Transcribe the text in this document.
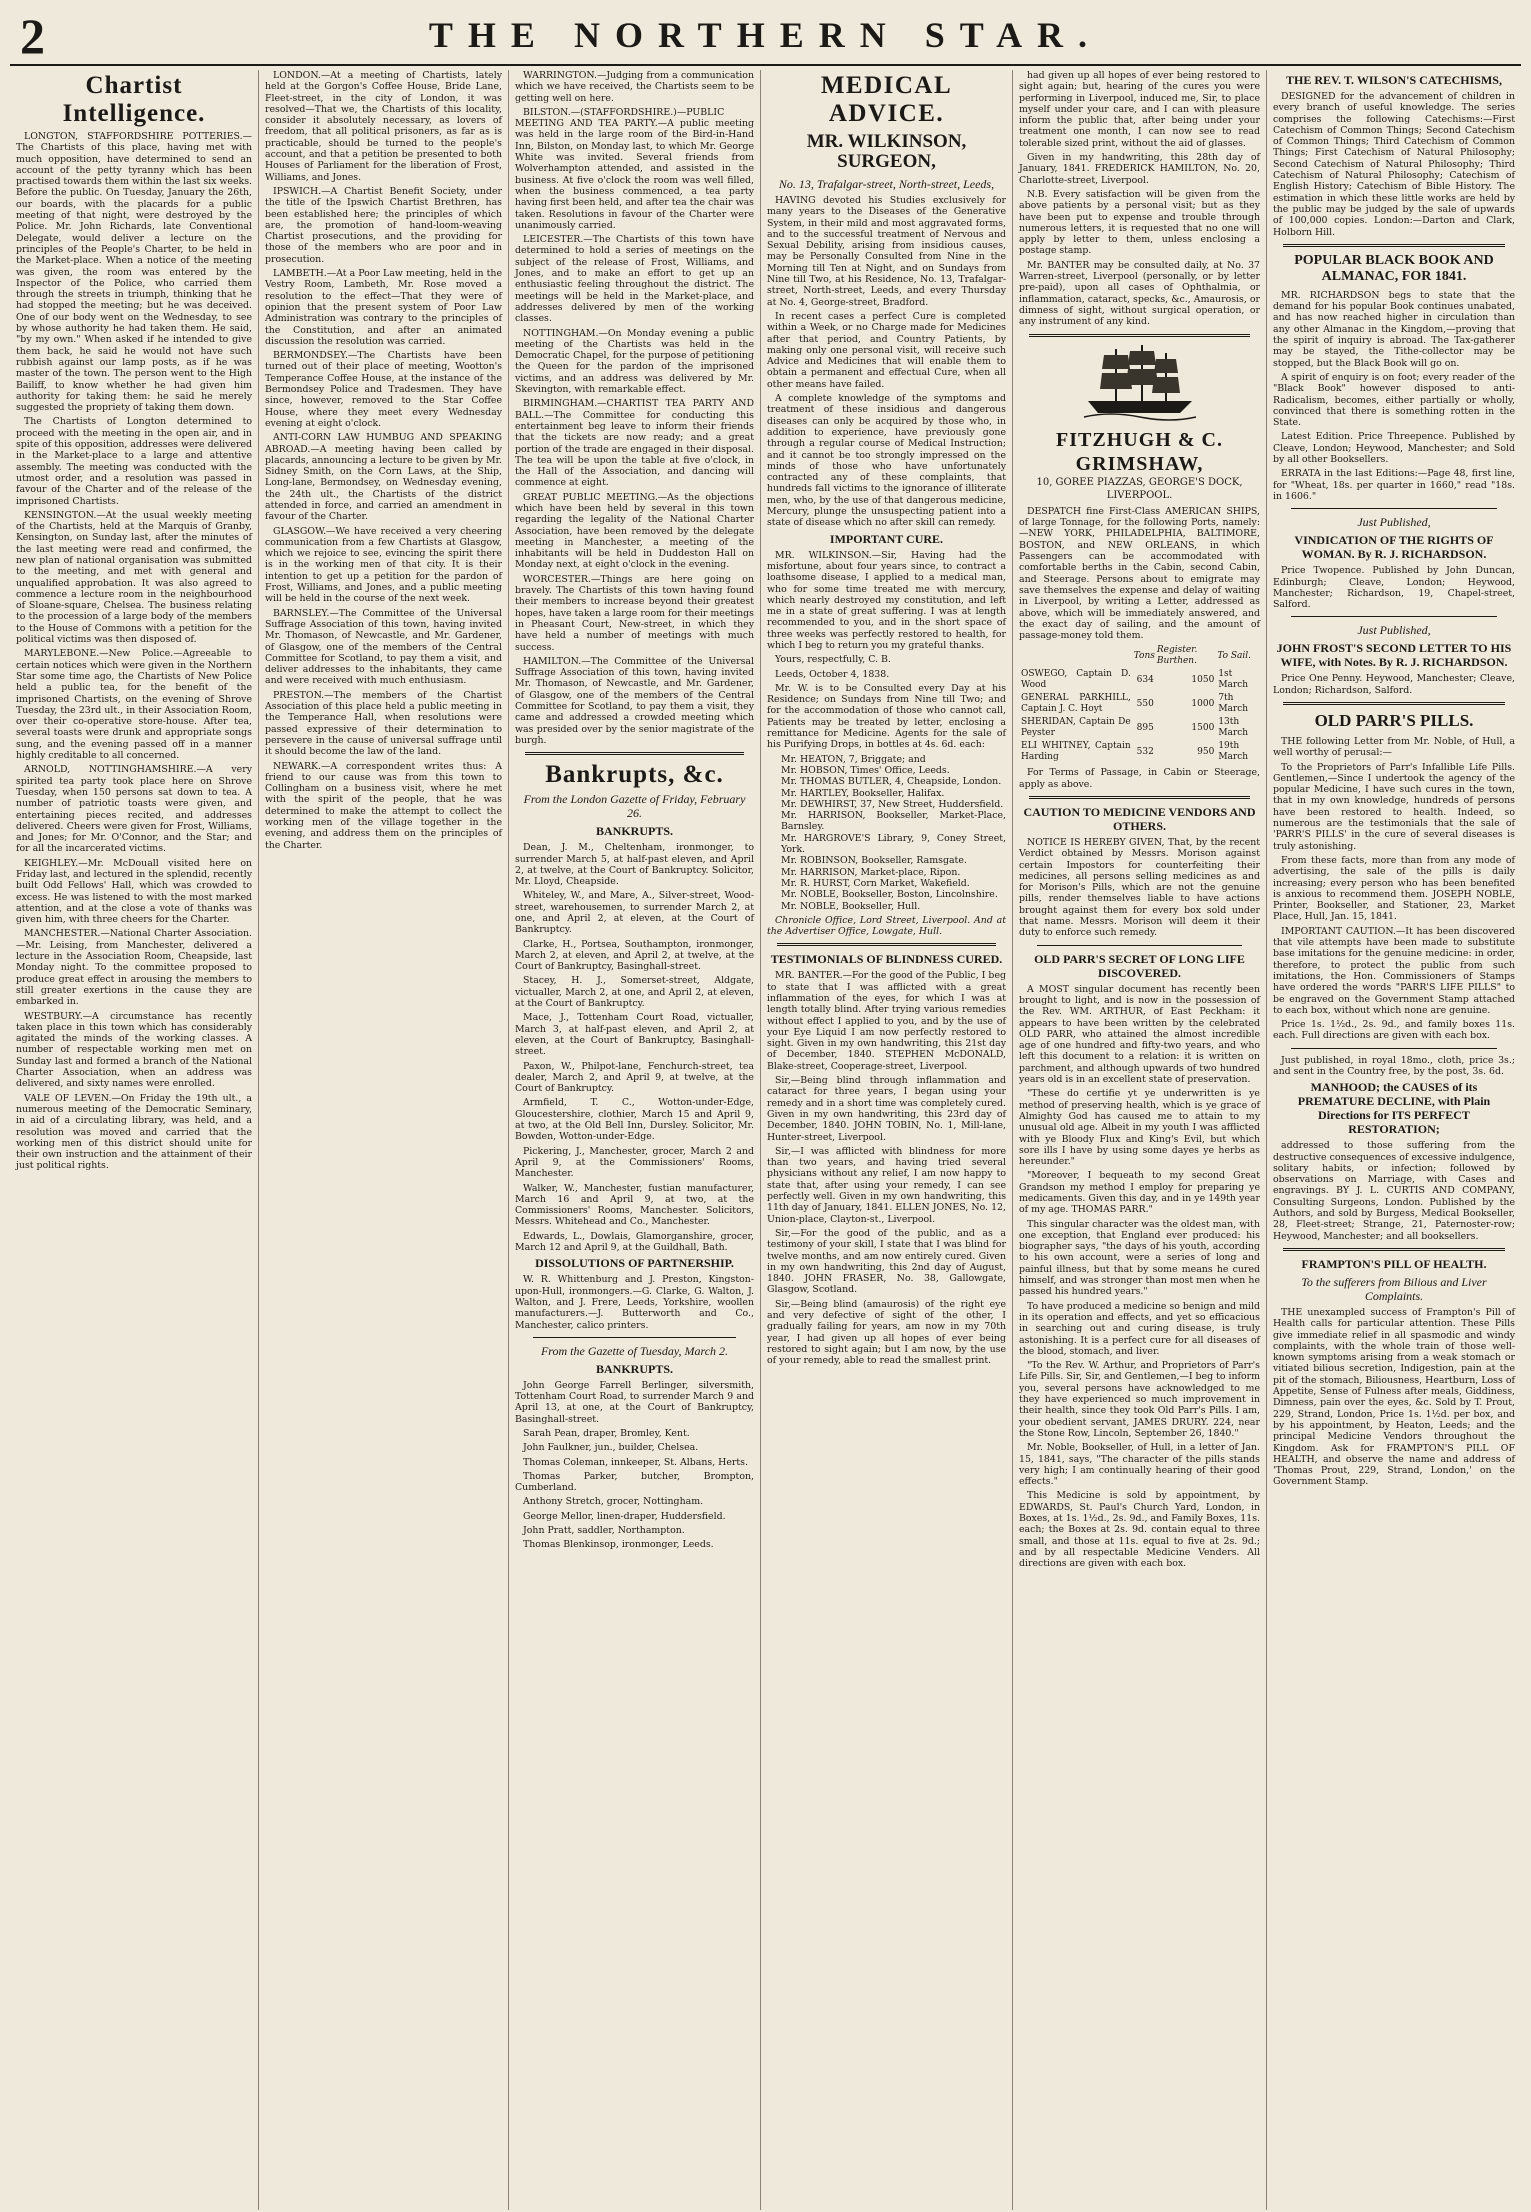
2	THE NORTHERN STAR.
Chartist Intelligence.

LONGTON, STAFFORDSHIRE POTTERIES.—The Chartists of this place, having met with much opposition, have determined to send an account of the petty tyranny which has been practised towards them within the last six weeks. Before the public. On Tuesday, January the 26th, our boards, with the placards for a public meeting of that night, were destroyed by the Police. Mr. John Richards, late Conventional Delegate, would deliver a lecture on the principles of the People's Charter, to be held in the Market-place. When a notice of the meeting was given, the room was entered by the Inspector of the Police, who carried them through the streets in triumph, thinking that he had stopped the meeting; but he was deceived. One of our body went on the Wednesday, to see by whose authority he had taken them. He said, "by my own." When asked if he intended to give them back, he said he would not have such rubbish against our lamp posts, as if he was master of the town. The person went to the High Bailiff, to know whether he had given him authority for taking them: he said he merely suggested the propriety of taking them down.

The Chartists of Longton determined to proceed with the meeting in the open air, and in spite of this opposition, addresses were delivered in the Market-place to a large and attentive assembly. The meeting was conducted with the utmost order, and a resolution was passed in favour of the Charter and of the release of the imprisoned Chartists.

KENSINGTON.—At the usual weekly meeting of the Chartists, held at the Marquis of Granby, Kensington, on Sunday last, after the minutes of the last meeting were read and confirmed, the new plan of national organisation was submitted to the meeting, and met with general and unqualified approbation. It was also agreed to commence a lecture room in the neighbourhood of Sloane-square, Chelsea. The business relating to the procession of a large body of the members to the House of Commons with a petition for the political victims was then disposed of.

MARYLEBONE.—New Police.—Agreeable to certain notices which were given in the Northern Star some time ago, the Chartists of New Police held a public tea, for the benefit of the imprisoned Chartists, on the evening of Shrove Tuesday, the 23rd ult., in their Association Room, over their co-operative store-house. After tea, several toasts were drunk and appropriate songs sung, and the evening passed off in a manner highly creditable to all concerned.

ARNOLD, NOTTINGHAMSHIRE.—A very spirited tea party took place here on Shrove Tuesday, when 150 persons sat down to tea. A number of patriotic toasts were given, and entertaining pieces recited, and addresses delivered. Cheers were given for Frost, Williams, and Jones; for Mr. O'Connor, and the Star; and for all the incarcerated victims.

KEIGHLEY.—Mr. McDouall visited here on Friday last, and lectured in the splendid, recently built Odd Fellows' Hall, which was crowded to excess. He was listened to with the most marked attention, and at the close a vote of thanks was given him, with three cheers for the Charter.

MANCHESTER.—National Charter Association.—Mr. Leising, from Manchester, delivered a lecture in the Association Room, Cheapside, last Monday night. To the committee proposed to produce great effect in arousing the members to still greater exertions in the cause they are embarked in.

WESTBURY.—A circumstance has recently taken place in this town which has considerably agitated the minds of the working classes. A number of respectable working men met on Sunday last and formed a branch of the National Charter Association, when an address was delivered, and sixty names were enrolled.

VALE OF LEVEN.—On Friday the 19th ult., a numerous meeting of the Democratic Seminary, in aid of a circulating library, was held, and a resolution was moved and carried that the working men of this district should unite for their own instruction and the attainment of their just political rights.

LONDON.—At a meeting of Chartists, lately held at the Gorgon's Coffee House, Bride Lane, Fleet-street, in the city of London, it was resolved—That we, the Chartists of this locality, consider it absolutely necessary, as lovers of freedom, that all political prisoners, as far as is practicable, should be turned to the people's account, and that a petition be presented to both Houses of Parliament for the liberation of Frost, Williams, and Jones.

IPSWICH.—A Chartist Benefit Society, under the title of the Ipswich Chartist Brethren, has been established here; the principles of which are, the promotion of hand-loom-weaving Chartist prosecutions, and the providing for those of the members who are poor and in prosecution.

LAMBETH.—At a Poor Law meeting, held in the Vestry Room, Lambeth, Mr. Rose moved a resolution to the effect—That they were of opinion that the present system of Poor Law Administration was contrary to the principles of the Constitution, and after an animated discussion the resolution was carried.

BERMONDSEY.—The Chartists have been turned out of their place of meeting, Wootton's Temperance Coffee House, at the instance of the Bermondsey Police and Tradesmen. They have since, however, removed to the Star Coffee House, where they meet every Wednesday evening at eight o'clock.

ANTI-CORN LAW HUMBUG AND SPEAKING ABROAD.—A meeting having been called by placards, announcing a lecture to be given by Mr. Sidney Smith, on the Corn Laws, at the Ship, Long-lane, Bermondsey, on Wednesday evening, the 24th ult., the Chartists of the district attended in force, and carried an amendment in favour of the Charter.

GLASGOW.—We have received a very cheering communication from a few Chartists at Glasgow, which we rejoice to see, evincing the spirit there is in the working men of that city. It is their intention to get up a petition for the pardon of Frost, Williams, and Jones, and a public meeting will be held in the course of the next week.

BARNSLEY.—The Committee of the Universal Suffrage Association of this town, having invited Mr. Thomason, of Newcastle, and Mr. Gardener, of Glasgow, one of the members of the Central Committee for Scotland, to pay them a visit, and deliver addresses to the inhabitants, they came and were received with much enthusiasm.

PRESTON.—The members of the Chartist Association of this place held a public meeting in the Temperance Hall, when resolutions were passed expressive of their determination to persevere in the cause of universal suffrage until it should become the law of the land.

NEWARK.—A correspondent writes thus: A friend to our cause was from this town to Collingham on a business visit, where he met with the spirit of the people, that he was determined to make the attempt to collect the working men of the village together in the evening, and address them on the principles of the Charter.

WARRINGTON.—Judging from a communication which we have received, the Chartists seem to be getting well on here.

BILSTON.—(STAFFORDSHIRE.)—PUBLIC MEETING AND TEA PARTY.—A public meeting was held in the large room of the Bird-in-Hand Inn, Bilston, on Monday last, to which Mr. George White was invited. Several friends from Wolverhampton attended, and assisted in the business. At five o'clock the room was well filled, when the business commenced, a tea party having first been held, and after tea the chair was taken. Resolutions in favour of the Charter were unanimously carried.

LEICESTER.—The Chartists of this town have determined to hold a series of meetings on the subject of the release of Frost, Williams, and Jones, and to make an effort to get up an enthusiastic feeling throughout the district. The meetings will be held in the Market-place, and addresses delivered by men of the working classes.

NOTTINGHAM.—On Monday evening a public meeting of the Chartists was held in the Democratic Chapel, for the purpose of petitioning the Queen for the pardon of the imprisoned victims, and an address was delivered by Mr. Skevington, with remarkable effect.

BIRMINGHAM.—CHARTIST TEA PARTY AND BALL.—The Committee for conducting this entertainment beg leave to inform their friends that the tickets are now ready; and a great portion of the trade are engaged in their disposal. The tea will be upon the table at five o'clock, in the Hall of the Association, and dancing will commence at eight.

GREAT PUBLIC MEETING.—As the objections which have been held by several in this town regarding the legality of the National Charter Association, have been removed by the delegate meeting in Manchester, a meeting of the inhabitants will be held in Duddeston Hall on Monday next, at eight o'clock in the evening.

WORCESTER.—Things are here going on bravely. The Chartists of this town having found their members to increase beyond their greatest hopes, have taken a large room for their meetings in Pheasant Court, New-street, in which they have held a number of meetings with much success.

HAMILTON.—The Committee of the Universal Suffrage Association of this town, having invited Mr. Thomason, of Newcastle, and Mr. Gardener, of Glasgow, one of the members of the Central Committee for Scotland, to pay them a visit, they came and addressed a crowded meeting which was presided over by the senior magistrate of the burgh.

Bankrupts, &c.
From the London Gazette of Friday, February 26.
BANKRUPTS.

Dean, J. M., Cheltenham, ironmonger, to surrender March 5, at half-past eleven, and April 2, at twelve, at the Court of Bankruptcy. Solicitor, Mr. Lloyd, Cheapside.

Whiteley, W., and Mare, A., Silver-street, Wood-street, warehousemen, to surrender March 2, at one, and April 2, at eleven, at the Court of Bankruptcy.

Clarke, H., Portsea, Southampton, ironmonger, March 2, at eleven, and April 2, at twelve, at the Court of Bankruptcy, Basinghall-street.

Stacey, H. J., Somerset-street, Aldgate, victualler, March 2, at one, and April 2, at eleven, at the Court of Bankruptcy.

Mace, J., Tottenham Court Road, victualler, March 3, at half-past eleven, and April 2, at eleven, at the Court of Bankruptcy, Basinghall-street.

Paxon, W., Philpot-lane, Fenchurch-street, tea dealer, March 2, and April 9, at twelve, at the Court of Bankruptcy.

Armfield, T. C., Wotton-under-Edge, Gloucestershire, clothier, March 15 and April 9, at two, at the Old Bell Inn, Dursley. Solicitor, Mr. Bowden, Wotton-under-Edge.

Pickering, J., Manchester, grocer, March 2 and April 9, at the Commissioners' Rooms, Manchester.

Walker, W., Manchester, fustian manufacturer, March 16 and April 9, at two, at the Commissioners' Rooms, Manchester. Solicitors, Messrs. Whitehead and Co., Manchester.

Edwards, L., Dowlais, Glamorganshire, grocer, March 12 and April 9, at the Guildhall, Bath.

DISSOLUTIONS OF PARTNERSHIP.

W. R. Whittenburg and J. Preston, Kingston-upon-Hull, ironmongers.—G. Clarke, G. Walton, J. Walton, and J. Frere, Leeds, Yorkshire, woollen manufacturers.—J. Butterworth and Co., Manchester, calico printers.

From the Gazette of Tuesday, March 2.
BANKRUPTS.

John George Farrell Berlinger, silversmith, Tottenham Court Road, to surrender March 9 and April 13, at one, at the Court of Bankruptcy, Basinghall-street.

Sarah Pean, draper, Bromley, Kent.

John Faulkner, jun., builder, Chelsea.

Thomas Coleman, innkeeper, St. Albans, Herts.

Thomas Parker, butcher, Brompton, Cumberland.

Anthony Stretch, grocer, Nottingham.

George Mellor, linen-draper, Huddersfield.

John Pratt, saddler, Northampton.

Thomas Blenkinsop, ironmonger, Leeds.

MEDICAL ADVICE.
MR. WILKINSON, SURGEON,
No. 13, Trafalgar-street, North-street, Leeds,

HAVING devoted his Studies exclusively for many years to the Diseases of the Generative System, in their mild and most aggravated forms, and to the successful treatment of Nervous and Sexual Debility, arising from insidious causes, may be Personally Consulted from Nine in the Morning till Ten at Night, and on Sundays from Nine till Two, at his Residence, No. 13, Trafalgar-street, North-street, Leeds, and every Thursday at No. 4, George-street, Bradford.

In recent cases a perfect Cure is completed within a Week, or no Charge made for Medicines after that period, and Country Patients, by making only one personal visit, will receive such Advice and Medicines that will enable them to obtain a permanent and effectual Cure, when all other means have failed.

A complete knowledge of the symptoms and treatment of these insidious and dangerous diseases can only be acquired by those who, in addition to experience, have previously gone through a regular course of Medical Instruction; and it cannot be too strongly impressed on the minds of those who have unfortunately contracted any of these complaints, that hundreds fall victims to the ignorance of illiterate men, who, by the use of that dangerous medicine, Mercury, plunge the unsuspecting patient into a state of disease which no after skill can remedy.

IMPORTANT CURE.

MR. WILKINSON.—Sir, Having had the misfortune, about four years since, to contract a loathsome disease, I applied to a medical man, who for some time treated me with mercury, which nearly destroyed my constitution, and left me in a state of great suffering. I was at length recommended to you, and in the short space of three weeks was perfectly restored to health, for which I beg to return you my grateful thanks.

Yours, respectfully, C. B.

Leeds, October 4, 1838.

Mr. W. is to be Consulted every Day at his Residence; on Sundays from Nine till Two; and for the accommodation of those who cannot call, Patients may be treated by letter, enclosing a remittance for Medicine. Agents for the sale of his Purifying Drops, in bottles at 4s. 6d. each:

Mr. HEATON, 7, Briggate; and
Mr. HOBSON, Times' Office, Leeds.
Mr. THOMAS BUTLER, 4, Cheapside, London.
Mr. HARTLEY, Bookseller, Halifax.
Mr. DEWHIRST, 37, New Street, Huddersfield.
Mr. HARRISON, Bookseller, Market-Place, Barnsley.
Mr. HARGROVE'S Library, 9, Coney Street, York.
Mr. ROBINSON, Bookseller, Ramsgate.
Mr. HARRISON, Market-place, Ripon.
Mr. R. HURST, Corn Market, Wakefield.
Mr. NOBLE, Bookseller, Boston, Lincolnshire.
Mr. NOBLE, Bookseller, Hull.

Chronicle Office, Lord Street, Liverpool. And at the Advertiser Office, Lowgate, Hull.

TESTIMONIALS OF BLINDNESS CURED.

MR. BANTER.—For the good of the Public, I beg to state that I was afflicted with a great inflammation of the eyes, for which I was at length totally blind. After trying various remedies without effect I applied to you, and by the use of your Eye Liquid I am now perfectly restored to sight. Given in my own handwriting, this 21st day of December, 1840. STEPHEN McDONALD, Blake-street, Cooperage-street, Liverpool.

Sir,—Being blind through inflammation and cataract for three years, I began using your remedy and in a short time was completely cured. Given in my own handwriting, this 23rd day of December, 1840. JOHN TOBIN, No. 1, Mill-lane, Hunter-street, Liverpool.

Sir,—I was afflicted with blindness for more than two years, and having tried several physicians without any relief, I am now happy to state that, after using your remedy, I can see perfectly well. Given in my own handwriting, this 11th day of January, 1841. ELLEN JONES, No. 12, Union-place, Clayton-st., Liverpool.

Sir,—For the good of the public, and as a testimony of your skill, I state that I was blind for twelve months, and am now entirely cured. Given in my own handwriting, this 2nd day of August, 1840. JOHN FRASER, No. 38, Gallowgate, Glasgow, Scotland.

Sir,—Being blind (amaurosis) of the right eye and very defective of sight of the other, I gradually failing for years, am now in my 70th year, I had given up all hopes of ever being restored to sight again; but I am now, by the use of your remedy, able to read the smallest print.

had given up all hopes of ever being restored to sight again; but, hearing of the cures you were performing in Liverpool, induced me, Sir, to place myself under your care, and I can with pleasure inform the public that, after being under your treatment one month, I can now see to read tolerable sized print, without the aid of glasses.

Given in my handwriting, this 28th day of January, 1841. FREDERICK HAMILTON, No. 20, Charlotte-street, Liverpool.

N.B. Every satisfaction will be given from the above patients by a personal visit; but as they have been put to expense and trouble through numerous letters, it is requested that no one will apply by letter to them, unless enclosing a postage stamp.

Mr. BANTER may be consulted daily, at No. 37 Warren-street, Liverpool (personally, or by letter pre-paid), upon all cases of Ophthalmia, or inflammation, cataract, specks, &c., Amaurosis, or dimness of sight, without surgical operation, or any instrument of any kind.

FITZHUGH & C. GRIMSHAW,
10, GOREE PIAZZAS, GEORGE'S DOCK, LIVERPOOL.

DESPATCH fine First-Class AMERICAN SHIPS, of large Tonnage, for the following Ports, namely:—NEW YORK, PHILADELPHIA, BALTIMORE, BOSTON, and NEW ORLEANS, in which Passengers can be accommodated with comfortable berths in the Cabin, second Cabin, and Steerage. Persons about to emigrate may save themselves the expense and delay of waiting in Liverpool, by writing a Letter, addressed as above, which will be immediately answered, and the exact day of sailing, and the amount of passage-money told them.

	Tons	Register. Burthen.	To Sail.
OSWEGO, Captain D. Wood	634	1050	1st March
GENERAL PARKHILL, Captain J. C. Hoyt	550	1000	7th March
SHERIDAN, Captain De Peyster	895	1500	13th March
ELI WHITNEY, Captain Harding	532	950	19th March

For Terms of Passage, in Cabin or Steerage, apply as above.

CAUTION TO MEDICINE VENDORS AND OTHERS.

NOTICE IS HEREBY GIVEN, That, by the recent Verdict obtained by Messrs. Morison against certain Impostors for counterfeiting their medicines, all persons selling medicines as and for Morison's Pills, which are not the genuine pills, render themselves liable to have actions brought against them for every box sold under that name. Messrs. Morison will deem it their duty to enforce such remedy.

OLD PARR'S SECRET OF LONG LIFE DISCOVERED.

A MOST singular document has recently been brought to light, and is now in the possession of the Rev. WM. ARTHUR, of East Peckham: it appears to have been written by the celebrated OLD PARR, who attained the almost incredible age of one hundred and fifty-two years, and who left this document to a relation: it is written on parchment, and although upwards of two hundred years old is in an excellent state of preservation.

"These do certifie yt ye underwritten is ye method of preserving health, which is ye grace of Almighty God has caused me to attain to my unusual old age. Albeit in my youth I was afflicted with ye Bloody Flux and King's Evil, but which sore ills I have by using some dayes ye herbs as hereunder."

"Moreover, I bequeath to my second Great Grandson my method I employ for preparing ye medicaments. Given this day, and in ye 149th year of my age. THOMAS PARR."

This singular character was the oldest man, with one exception, that England ever produced: his biographer says, "the days of his youth, according to his own account, were a series of long and painful illness, but that by some means he cured himself, and was stronger than most men when he passed his hundred years."

To have produced a medicine so benign and mild in its operation and effects, and yet so efficacious in searching out and curing disease, is truly astonishing. It is a perfect cure for all diseases of the blood, stomach, and liver.

"To the Rev. W. Arthur, and Proprietors of Parr's Life Pills. Sir, Sir, and Gentlemen,—I beg to inform you, several persons have acknowledged to me they have experienced so much improvement in their health, since they took Old Parr's Pills. I am, your obedient servant, JAMES DRURY. 224, near the Stone Row, Lincoln, September 26, 1840."

Mr. Noble, Bookseller, of Hull, in a letter of Jan. 15, 1841, says, "The character of the pills stands very high; I am continually hearing of their good effects."

This Medicine is sold by appointment, by EDWARDS, St. Paul's Church Yard, London, in Boxes, at 1s. 1½d., 2s. 9d., and Family Boxes, 11s. each; the Boxes at 2s. 9d. contain equal to three small, and those at 11s. equal to five at 2s. 9d.; and by all respectable Medicine Venders. All directions are given with each box.

THE REV. T. WILSON'S CATECHISMS,

DESIGNED for the advancement of children in every branch of useful knowledge. The series comprises the following Catechisms:—First Catechism of Common Things; Second Catechism of Common Things; Third Catechism of Common Things; First Catechism of Natural Philosophy; Second Catechism of Natural Philosophy; Third Catechism of Natural Philosophy; Catechism of English History; Catechism of Bible History. The estimation in which these little works are held by the public may be judged by the sale of upwards of 100,000 copies. London:—Darton and Clark, Holborn Hill.

POPULAR BLACK BOOK AND ALMANAC, FOR 1841.

MR. RICHARDSON begs to state that the demand for his popular Book continues unabated, and has now reached higher in circulation than any other Almanac in the Kingdom,—proving that the spirit of inquiry is abroad. The Tax-gatherer may be stayed, the Tithe-collector may be stopped, but the Black Book will go on.

A spirit of enquiry is on foot; every reader of the "Black Book" however disposed to anti-Radicalism, becomes, either partially or wholly, convinced that there is something rotten in the State.

Latest Edition. Price Threepence. Published by Cleave, London; Heywood, Manchester; and Sold by all other Booksellers.

ERRATA in the last Editions:—Page 48, first line, for "Wheat, 18s. per quarter in 1660," read "18s. in 1606."

Just Published,
VINDICATION OF THE RIGHTS OF WOMAN. By R. J. RICHARDSON.

Price Twopence. Published by John Duncan, Edinburgh; Cleave, London; Heywood, Manchester; Richardson, 19, Chapel-street, Salford.

Just Published,
JOHN FROST'S SECOND LETTER TO HIS WIFE, with Notes. By R. J. RICHARDSON.

Price One Penny. Heywood, Manchester; Cleave, London; Richardson, Salford.

OLD PARR'S PILLS.

THE following Letter from Mr. Noble, of Hull, a well worthy of perusal:—

To the Proprietors of Parr's Infallible Life Pills. Gentlemen,—Since I undertook the agency of the popular Medicine, I have such cures in the town, that in my own knowledge, hundreds of persons have been restored to health. Indeed, so numerous are the testimonials that the sale of 'PARR'S PILLS' in the cure of several diseases is truly astonishing.

From these facts, more than from any mode of advertising, the sale of the pills is daily increasing; every person who has been benefited is anxious to recommend them. JOSEPH NOBLE, Printer, Bookseller, and Stationer, 23, Market Place, Hull, Jan. 15, 1841.

IMPORTANT CAUTION.—It has been discovered that vile attempts have been made to substitute base imitations for the genuine medicine: in order, therefore, to protect the public from such imitations, the Hon. Commissioners of Stamps have ordered the words "PARR'S LIFE PILLS" to be engraved on the Government Stamp attached to each box, without which none are genuine.

Price 1s. 1½d., 2s. 9d., and family boxes 11s. each. Full directions are given with each box.

Just published, in royal 18mo., cloth, price 3s.; and sent in the Country free, by the post, 3s. 6d.

MANHOOD; the CAUSES of its PREMATURE DECLINE, with Plain Directions for ITS PERFECT RESTORATION;

addressed to those suffering from the destructive consequences of excessive indulgence, solitary habits, or infection; followed by observations on Marriage, with Cases and engravings. BY J. L. CURTIS AND COMPANY, Consulting Surgeons, London. Published by the Authors, and sold by Burgess, Medical Bookseller, 28, Fleet-street; Strange, 21, Paternoster-row; Heywood, Manchester; and all booksellers.

FRAMPTON'S PILL OF HEALTH.
To the sufferers from Bilious and Liver Complaints.

THE unexampled success of Frampton's Pill of Health calls for particular attention. These Pills give immediate relief in all spasmodic and windy complaints, with the whole train of those well-known symptoms arising from a weak stomach or vitiated bilious secretion, Indigestion, pain at the pit of the stomach, Biliousness, Heartburn, Loss of Appetite, Sense of Fulness after meals, Giddiness, Dimness, pain over the eyes, &c. Sold by T. Prout, 229, Strand, London, Price 1s. 1½d. per box, and by his appointment, by Heaton, Leeds; and the principal Medicine Vendors throughout the Kingdom. Ask for FRAMPTON'S PILL OF HEALTH, and observe the name and address of 'Thomas Prout, 229, Strand, London,' on the Government Stamp.
